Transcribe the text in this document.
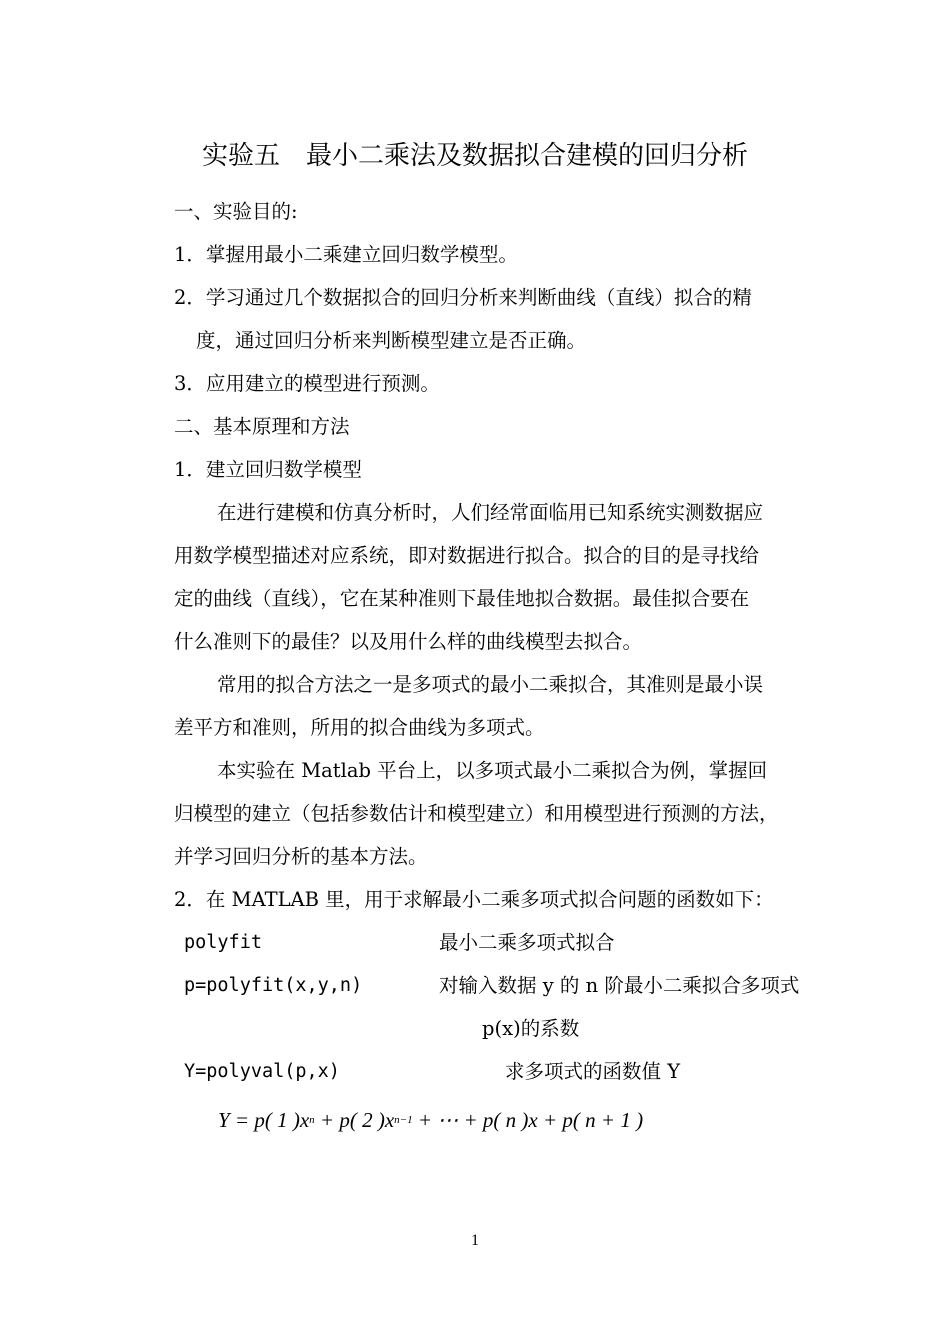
实验五　最小二乘法及数据拟合建模的回归分析
一、实验目的:
1．掌握用最小二乘建立回归数学模型。
2．学习通过几个数据拟合的回归分析来判断曲线（直线）拟合的精
度，通过回归分析来判断模型建立是否正确。
3．应用建立的模型进行预测。
二、基本原理和方法
1．建立回归数学模型
在进行建模和仿真分析时，人们经常面临用已知系统实测数据应
用数学模型描述对应系统，即对数据进行拟合。拟合的目的是寻找给
定的曲线（直线），它在某种准则下最佳地拟合数据。最佳拟合要在
什么准则下的最佳？以及用什么样的曲线模型去拟合。
常用的拟合方法之一是多项式的最小二乘拟合，其准则是最小误
差平方和准则，所用的拟合曲线为多项式。
本实验在 Matlab 平台上，以多项式最小二乘拟合为例，掌握回
归模型的建立（包括参数估计和模型建立）和用模型进行预测的方法，
并学习回归分析的基本方法。
2．在 MATLAB 里，用于求解最小二乘多项式拟合问题的函数如下：
polyfit	最小二乘多项式拟合
p=polyfit(x,y,n)	对输入数据 y 的 n 阶最小二乘拟合多项式
p(x)的系数
Y=polyval(p,x)	求多项式的函数值 Y
Y = p( 1 )$x^n + p$( 2 )$x^{n-1}$ + ⋯ + p( n )x + p( n + 1 )
1
